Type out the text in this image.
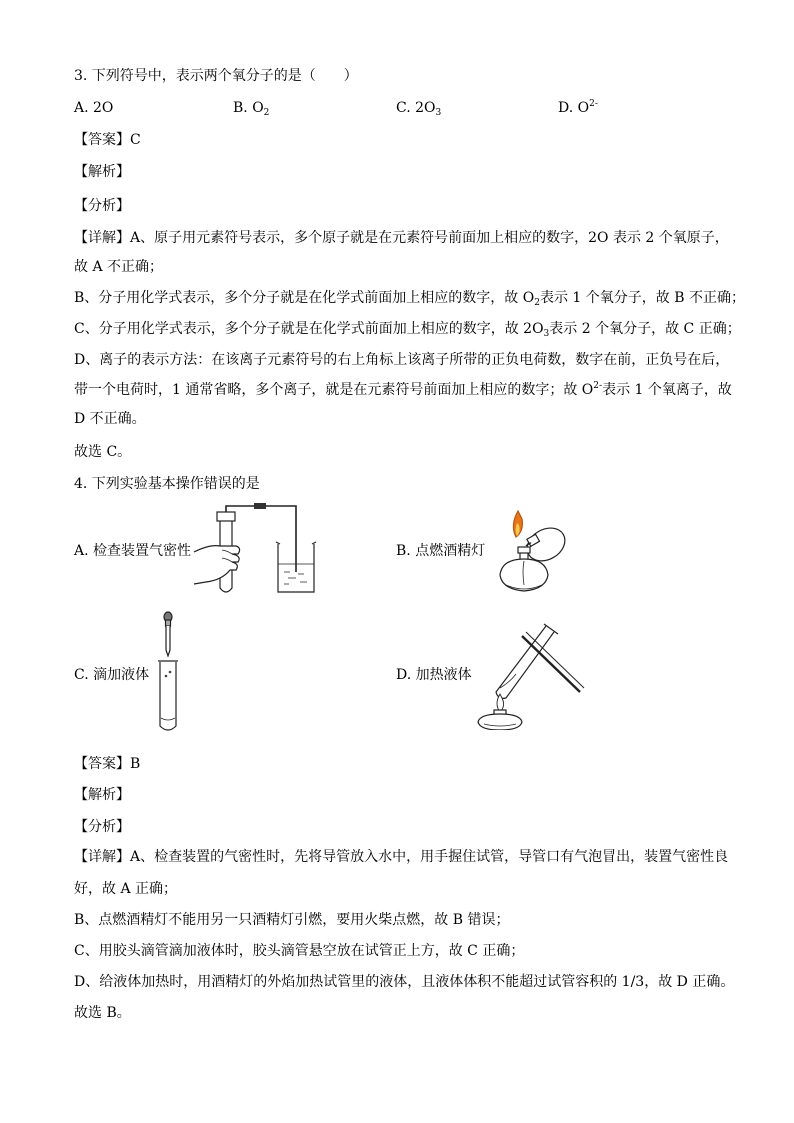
3. 下列符号中，表示两个氧分子的是（　　）
A. 2O	B. $O_2$	C. $2O_3$	D. $O^{2-}$
【答案】C
【解析】
【分析】
【详解】A、原子用元素符号表示，多个原子就是在元素符号前面加上相应的数字，2O 表示 2 个氧原子，
故 A 不正确；
B、分子用化学式表示，多个分子就是在化学式前面加上相应的数字，故 $O_2$表示 1 个氧分子，故 B 不正确；
C、分子用化学式表示，多个分子就是在化学式前面加上相应的数字，故 $2O_3$表示 2 个氧分子，故 C 正确；
D、离子的表示方法：在该离子元素符号的右上角标上该离子所带的正负电荷数，数字在前，正负号在后，
带一个电荷时，1 通常省略，多个离子，就是在元素符号前面加上相应的数字；故 $O^{2-}$表示 1 个氧离子，故
D 不正确。
故选 C。
4. 下列实验基本操作错误的是
A. 检查装置气密性	B. 点燃酒精灯
C. 滴加液体	D. 加热液体
【答案】B
【解析】
【分析】
【详解】A、检查装置的气密性时，先将导管放入水中，用手握住试管，导管口有气泡冒出，装置气密性良
好，故 A 正确；
B、点燃酒精灯不能用另一只酒精灯引燃，要用火柴点燃，故 B 错误；
C、用胶头滴管滴加液体时，胶头滴管悬空放在试管正上方，故 C 正确；
D、给液体加热时，用酒精灯的外焰加热试管里的液体，且液体体积不能超过试管容积的 1/3，故 D 正确。
故选 B。
